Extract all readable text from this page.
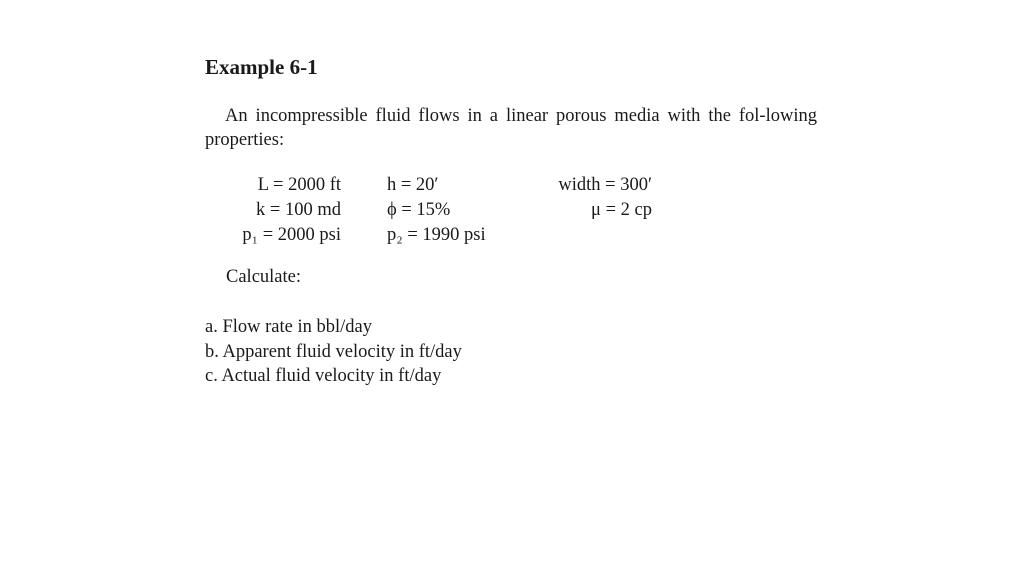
Example 6-1
An incompressible fluid flows in a linear porous media with the fol-lowing properties:
L = 2000 ft
k = 100 md
p₁ = 2000 psi
h = 20′
ϕ = 15%
p₂ = 1990 psi
width = 300′
μ = 2 cp
Calculate:
a. Flow rate in bbl/day
b. Apparent fluid velocity in ft/day
c. Actual fluid velocity in ft/day
